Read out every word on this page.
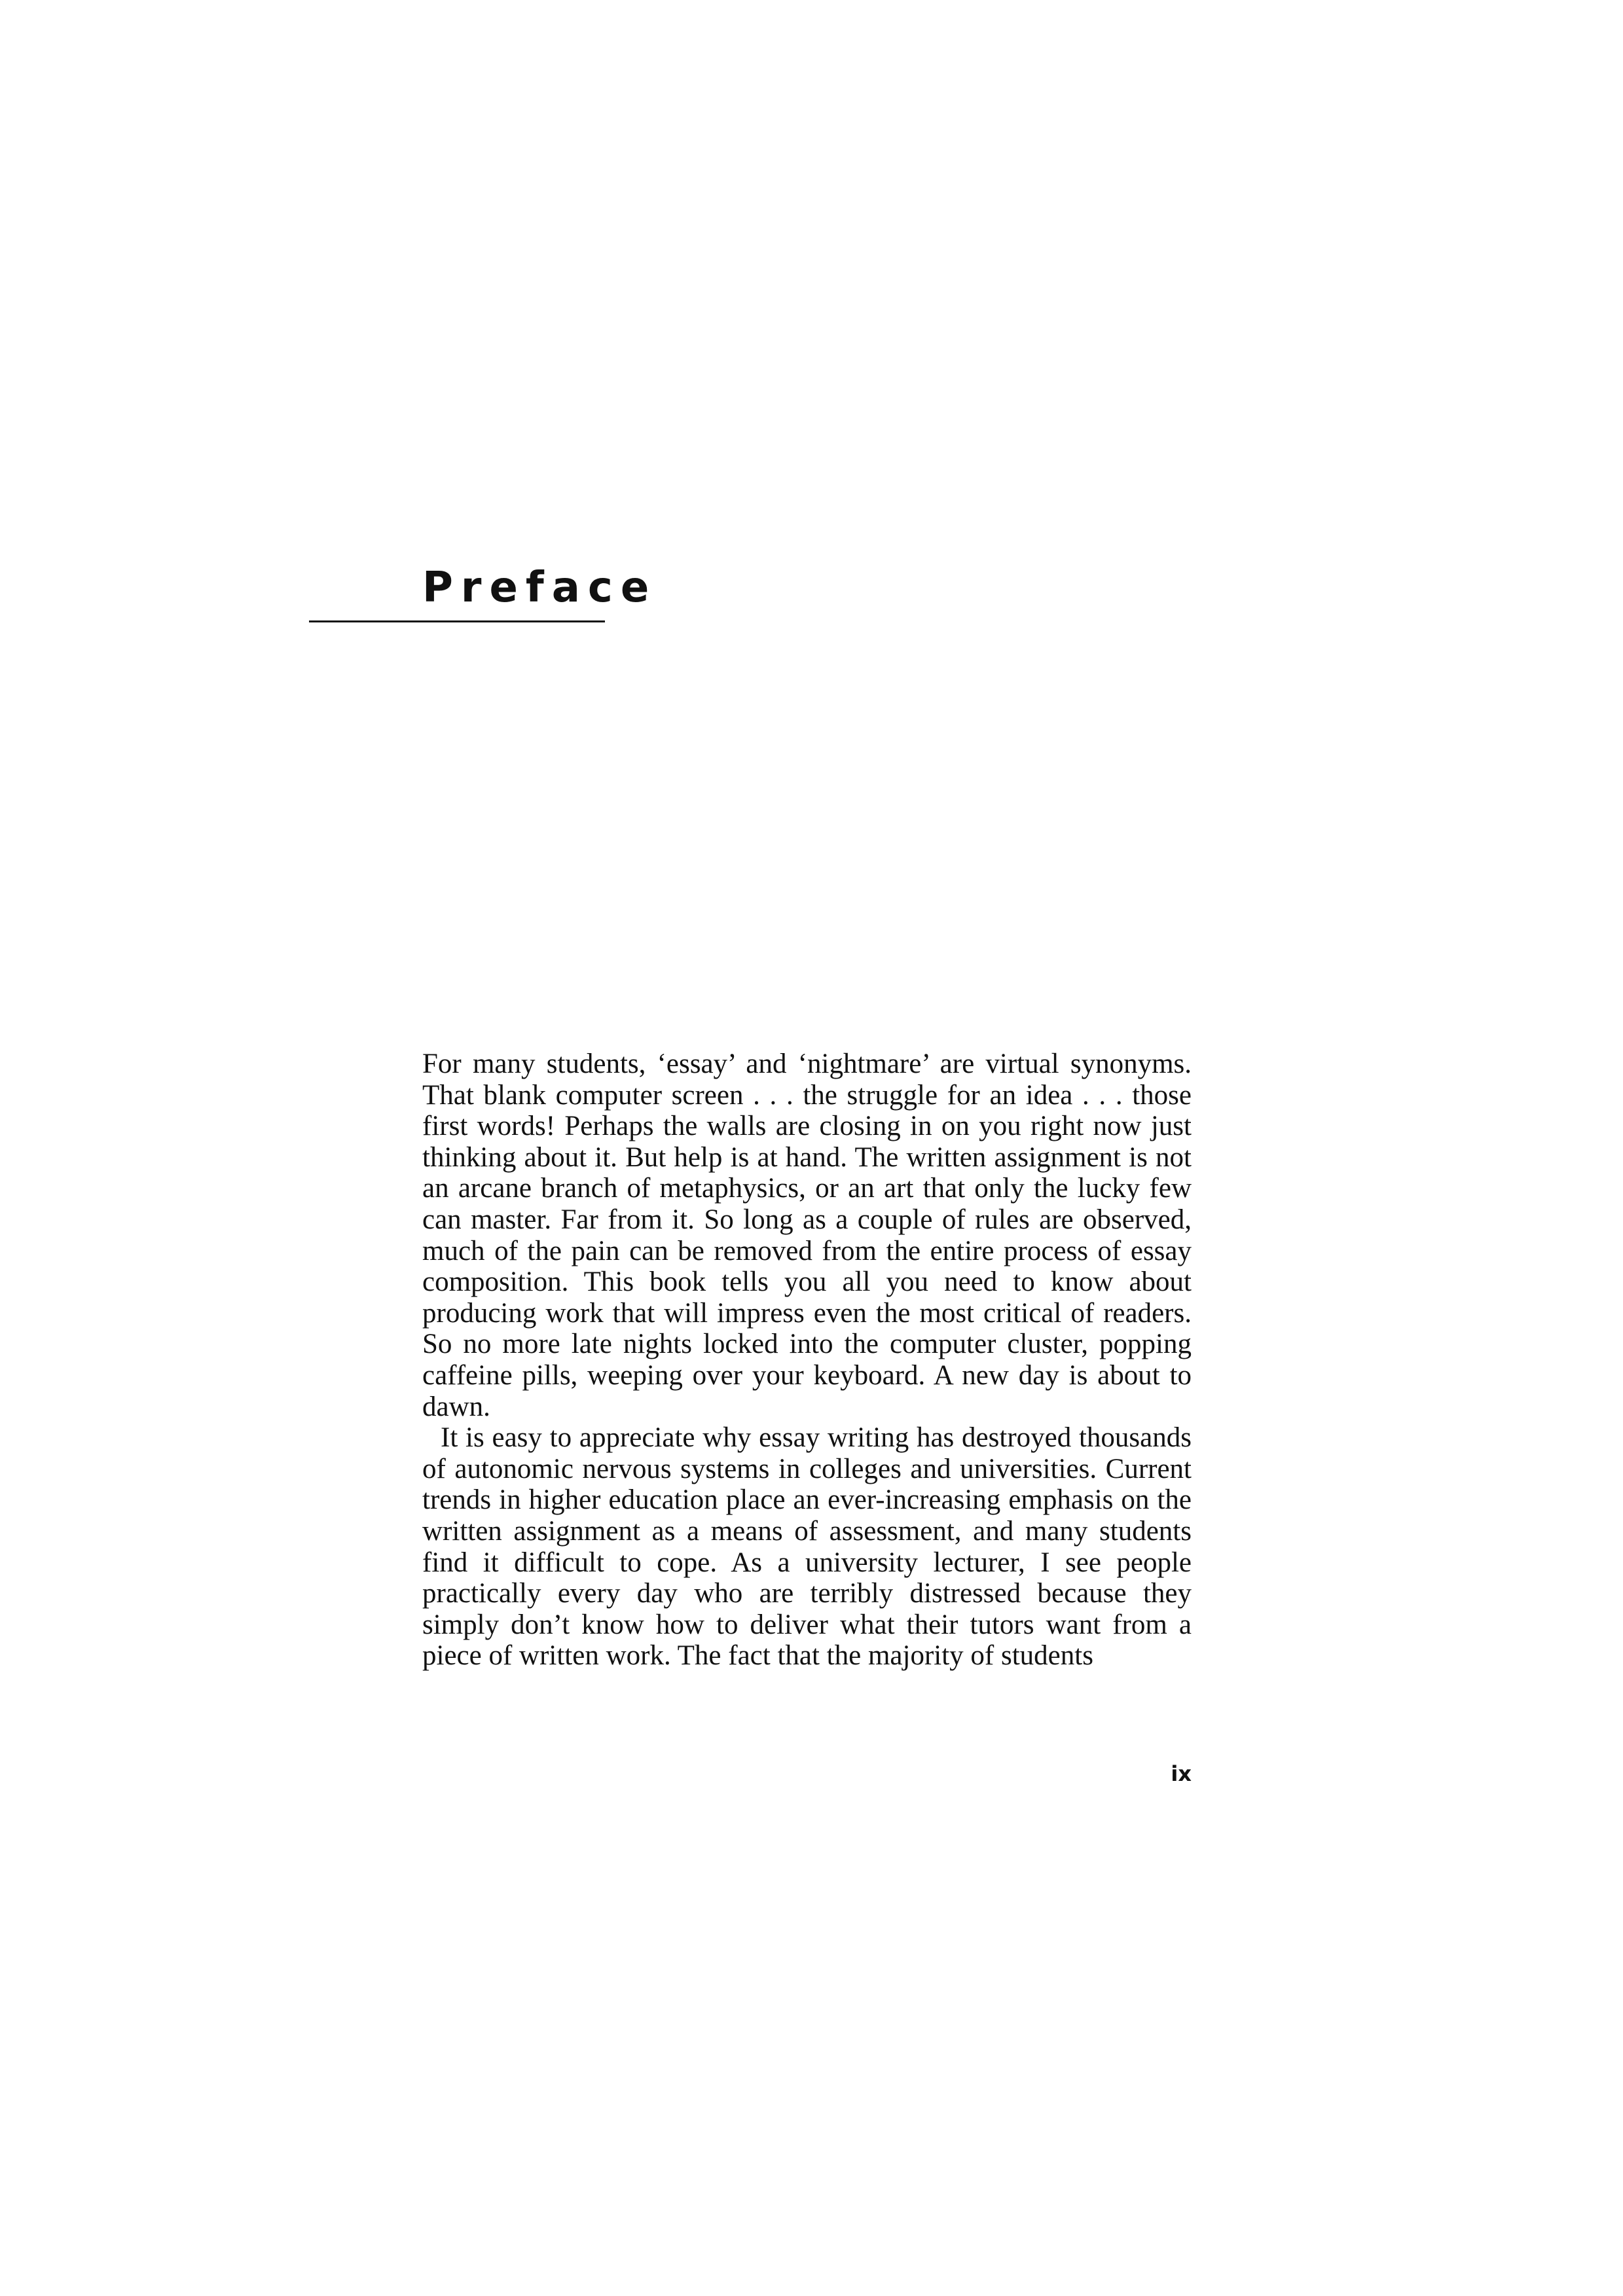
Preface

For many students, ‘essay’ and ‘nightmare’ are virtual synonyms. That blank computer screen . . . the struggle for an idea . . . those first words! Perhaps the walls are closing in on you right now just thinking about it. But help is at hand. The written assignment is not an arcane branch of metaphysics, or an art that only the lucky few can master. Far from it. So long as a couple of rules are observed, much of the pain can be removed from the entire process of essay composition. This book tells you all you need to know about producing work that will impress even the most critical of readers. So no more late nights locked into the computer cluster, popping caffeine pills, weeping over your keyboard. A new day is about to dawn.

It is easy to appreciate why essay writing has destroyed thousands of autonomic nervous systems in colleges and universities. Current trends in higher education place an ever-increasing emphasis on the written assignment as a means of assessment, and many students find it difficult to cope. As a university lecturer, I see people practically every day who are terribly distressed because they simply don’t know how to deliver what their tutors want from a piece of written work. The fact that the majority of students

ix
